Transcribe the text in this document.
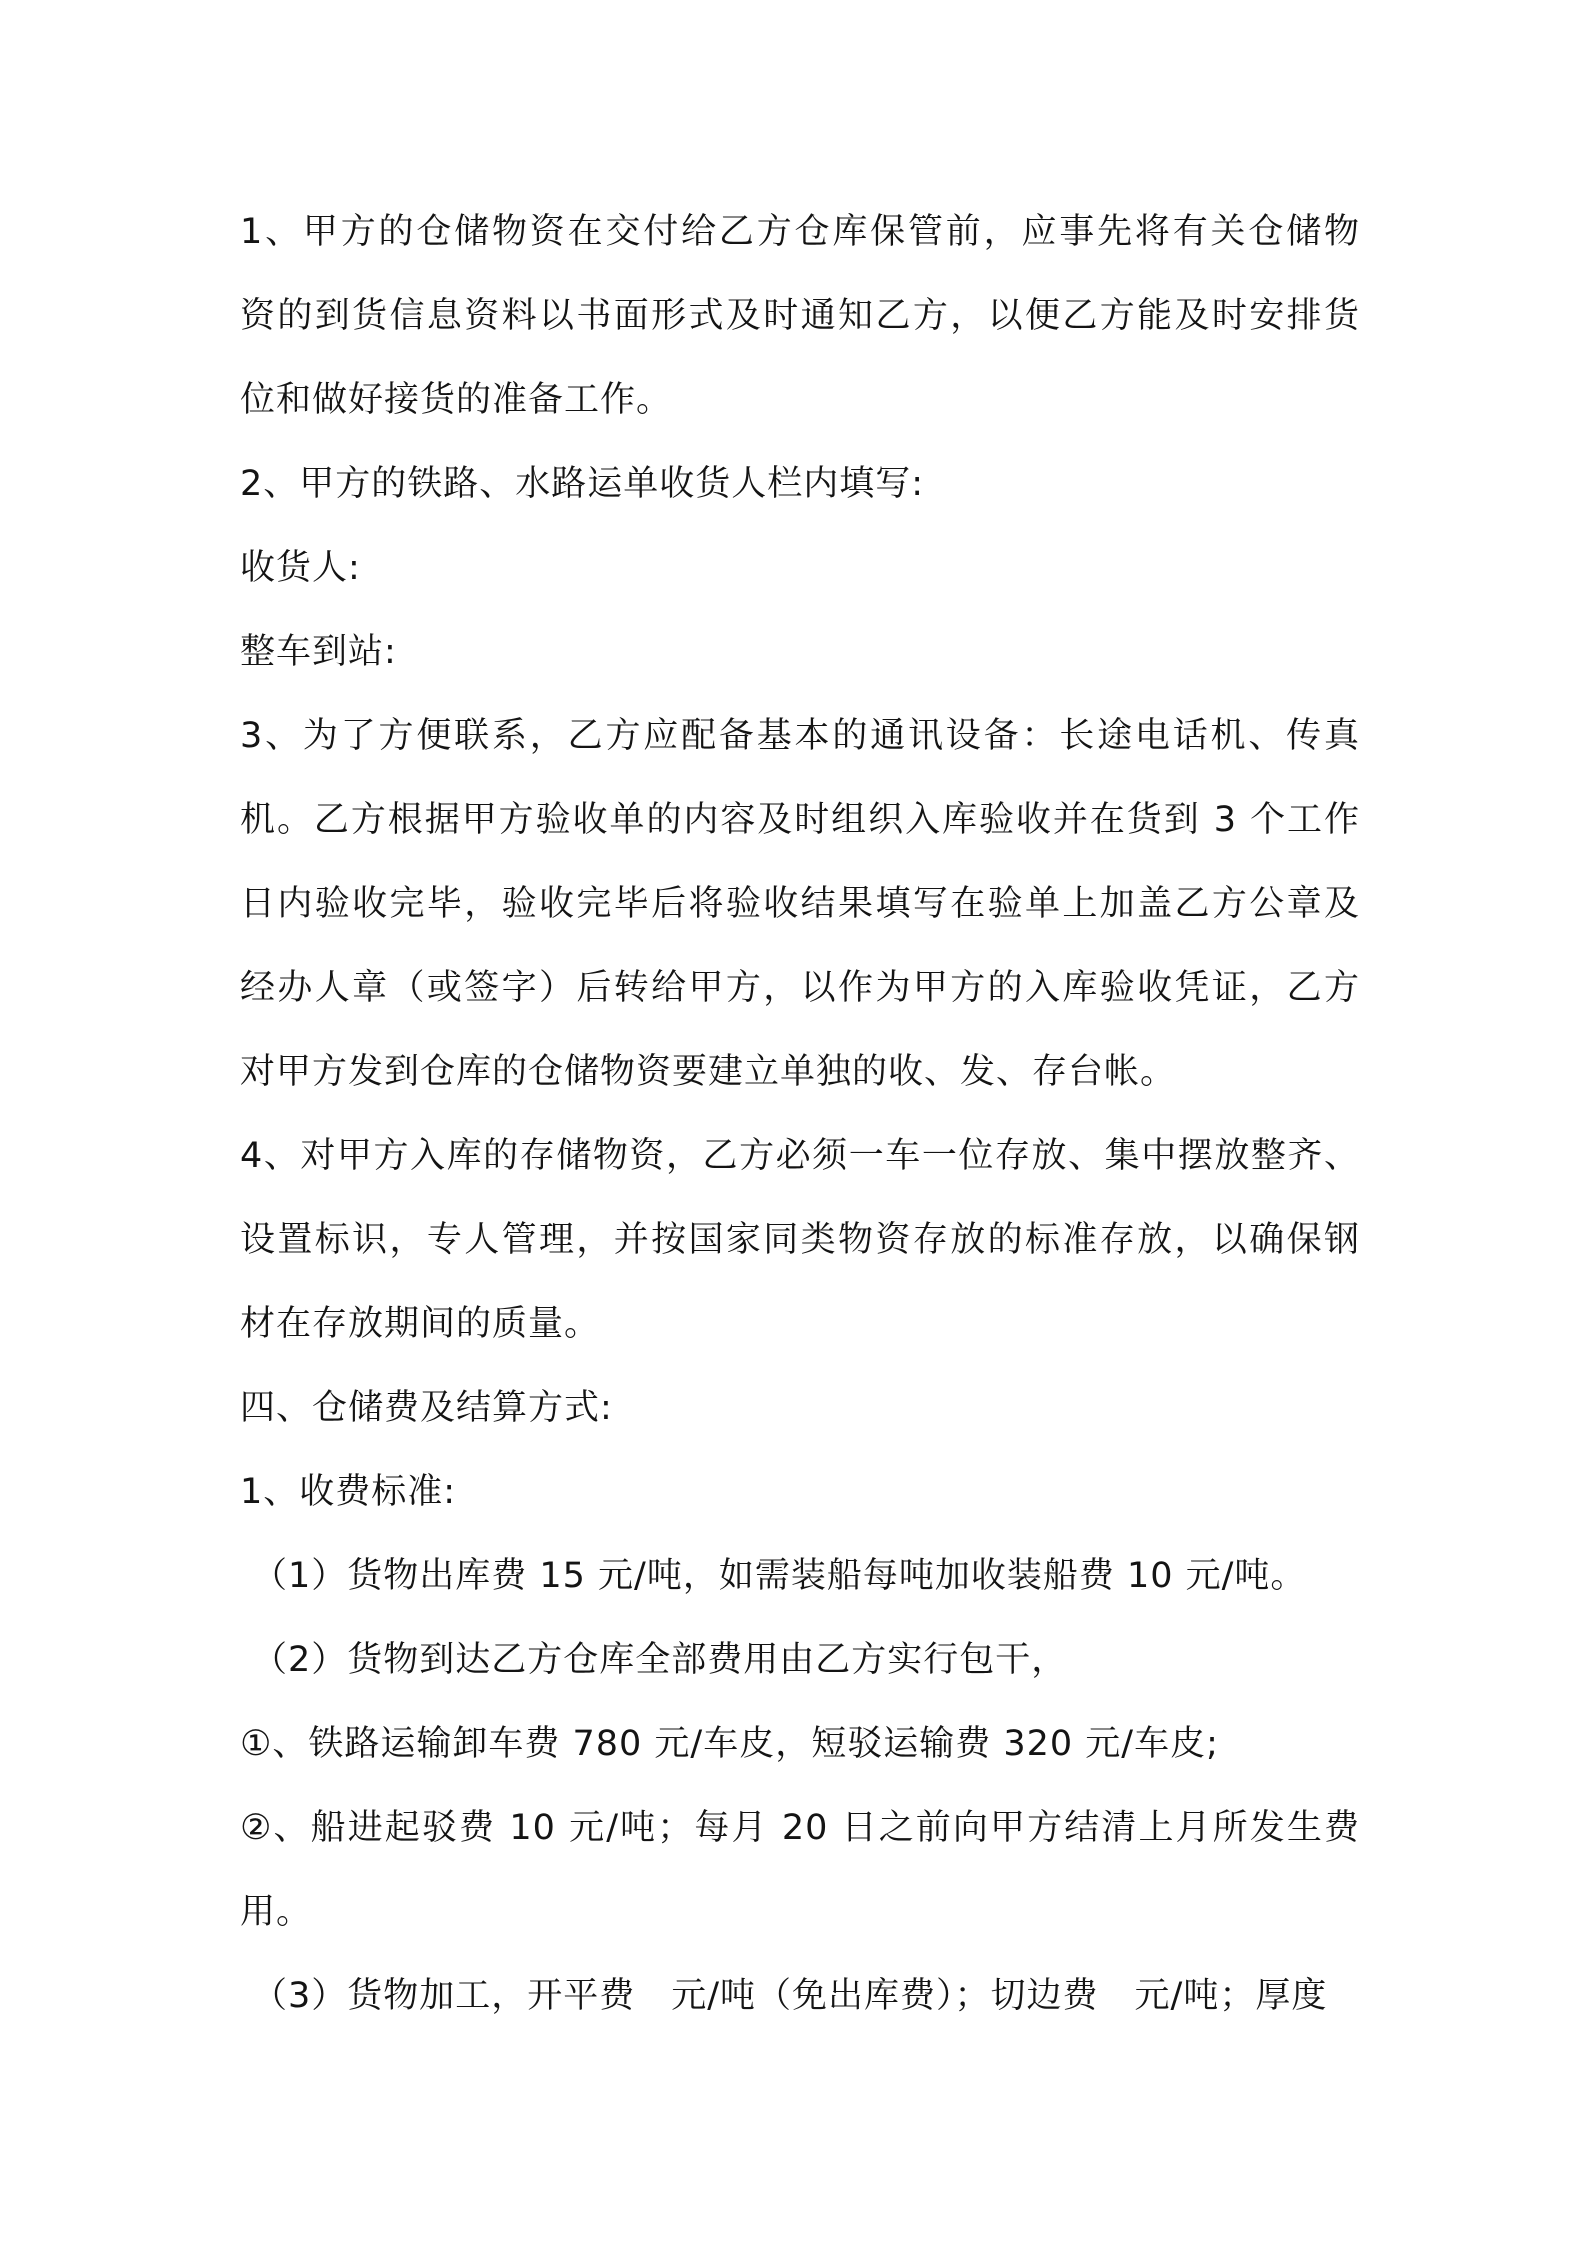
1、甲方的仓储物资在交付给乙方仓库保管前，应事先将有关仓储物
资的到货信息资料以书面形式及时通知乙方，以便乙方能及时安排货
位和做好接货的准备工作。
2、甲方的铁路、水路运单收货人栏内填写:
收货人:
整车到站:
3、为了方便联系，乙方应配备基本的通讯设备：长途电话机、传真
机。乙方根据甲方验收单的内容及时组织入库验收并在货到 3 个工作
日内验收完毕，验收完毕后将验收结果填写在验单上加盖乙方公章及
经办人章（或签字）后转给甲方，以作为甲方的入库验收凭证，乙方
对甲方发到仓库的仓储物资要建立单独的收、发、存台帐。
4、对甲方入库的存储物资，乙方必须一车一位存放、集中摆放整齐、
设置标识，专人管理，并按国家同类物资存放的标准存放，以确保钢
材在存放期间的质量。
四、仓储费及结算方式:
1、收费标准:
（1）货物出库费 15 元/吨，如需装船每吨加收装船费 10 元/吨。
（2）货物到达乙方仓库全部费用由乙方实行包干，
①、铁路运输卸车费 780 元/车皮，短驳运输费 320 元/车皮;
②、船进起驳费 10 元/吨；每月 20 日之前向甲方结清上月所发生费
用。
（3）货物加工，开平费　元/吨（免出库费）；切边费　元/吨；厚度
